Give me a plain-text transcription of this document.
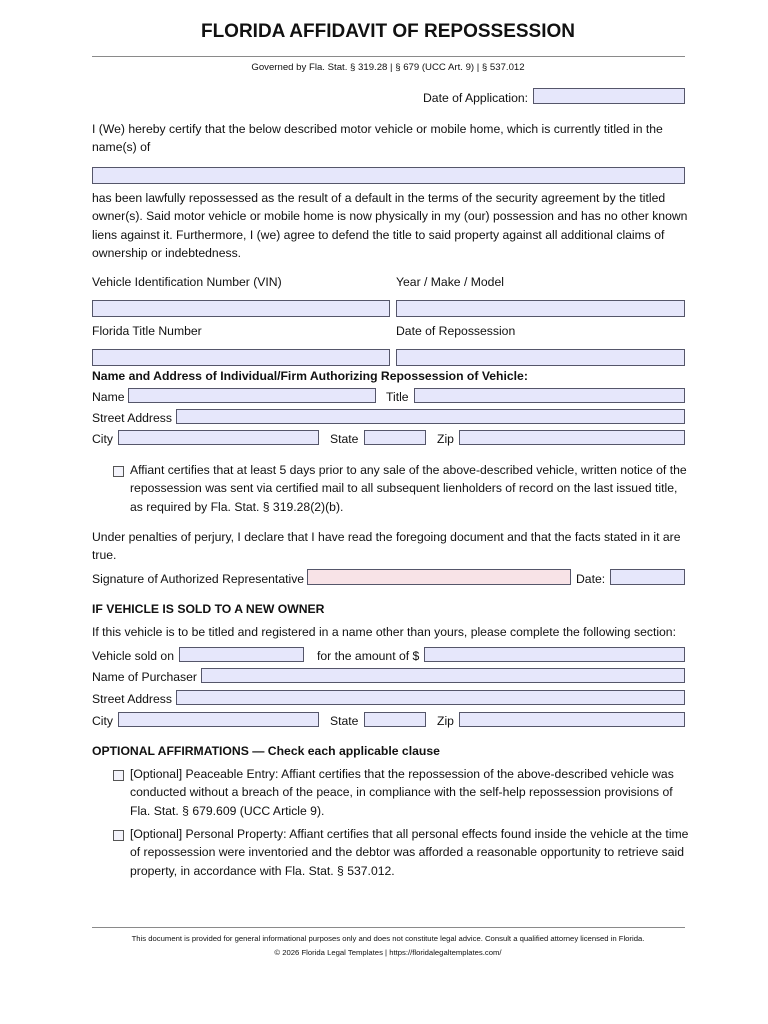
FLORIDA AFFIDAVIT OF REPOSSESSION
Governed by Fla. Stat. § 319.28 | § 679 (UCC Art. 9) | § 537.012
Date of Application:
I (We) hereby certify that the below described motor vehicle or mobile home, which is currently titled in the name(s) of
has been lawfully repossessed as the result of a default in the terms of the security agreement by the titled owner(s). Said motor vehicle or mobile home is now physically in my (our) possession and has no other known liens against it. Furthermore, I (we) agree to defend the title to said property against all additional claims of ownership or indebtedness.
Vehicle Identification Number (VIN)	Year / Make / Model
Florida Title Number	Date of Repossession
Name and Address of Individual/Firm Authorizing Repossession of Vehicle:
Name	Title
Street Address
City	State	Zip
Affiant certifies that at least 5 days prior to any sale of the above-described vehicle, written notice of the repossession was sent via certified mail to all subsequent lienholders of record on the last issued title, as required by Fla. Stat. § 319.28(2)(b).
Under penalties of perjury, I declare that I have read the foregoing document and that the facts stated in it are true.
Signature of Authorized Representative	Date:
IF VEHICLE IS SOLD TO A NEW OWNER
If this vehicle is to be titled and registered in a name other than yours, please complete the following section:
Vehicle sold on	for the amount of $
Name of Purchaser
Street Address
City	State	Zip
OPTIONAL AFFIRMATIONS — Check each applicable clause
[Optional] Peaceable Entry: Affiant certifies that the repossession of the above-described vehicle was conducted without a breach of the peace, in compliance with the self-help repossession provisions of Fla. Stat. § 679.609 (UCC Article 9).
[Optional] Personal Property: Affiant certifies that all personal effects found inside the vehicle at the time of repossession were inventoried and the debtor was afforded a reasonable opportunity to retrieve said property, in accordance with Fla. Stat. § 537.012.
This document is provided for general informational purposes only and does not constitute legal advice. Consult a qualified attorney licensed in Florida.
© 2026 Florida Legal Templates | https://floridalegaltemplates.com/
